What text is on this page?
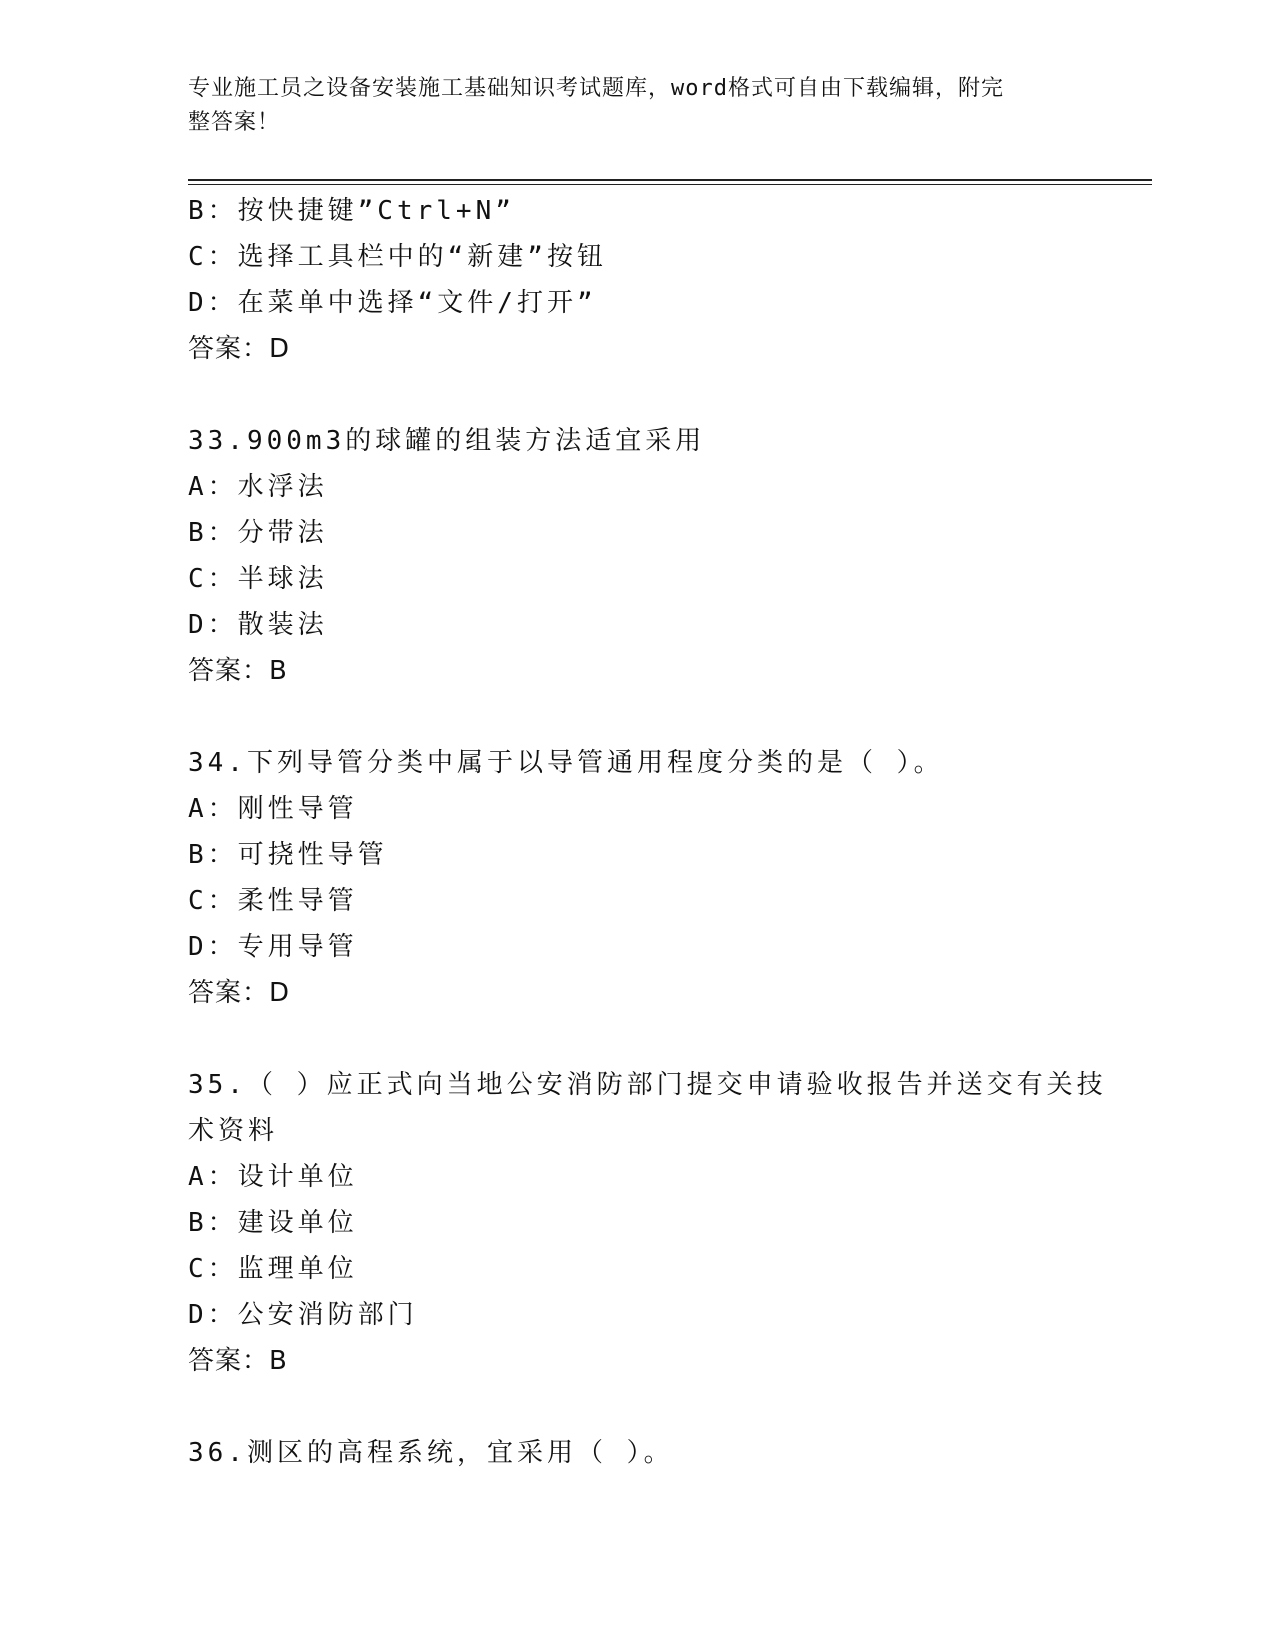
专业施工员之设备安装施工基础知识考试题库，word格式可自由下载编辑，附完
整答案！
B：按快捷键”Ctrl+N”
C：选择工具栏中的“新建”按钮
D：在菜单中选择“文件/打开”
答案：D
33.900m3的球罐的组装方法适宜采用
A：水浮法
B：分带法
C：半球法
D：散装法
答案：B
34.下列导管分类中属于以导管通用程度分类的是（ ）。
A：刚性导管
B：可挠性导管
C：柔性导管
D：专用导管
答案：D
35.（ ）应正式向当地公安消防部门提交申请验收报告并送交有关技
术资料
A：设计单位
B：建设单位
C：监理单位
D：公安消防部门
答案：B
36.测区的高程系统，宜采用（ ）。
